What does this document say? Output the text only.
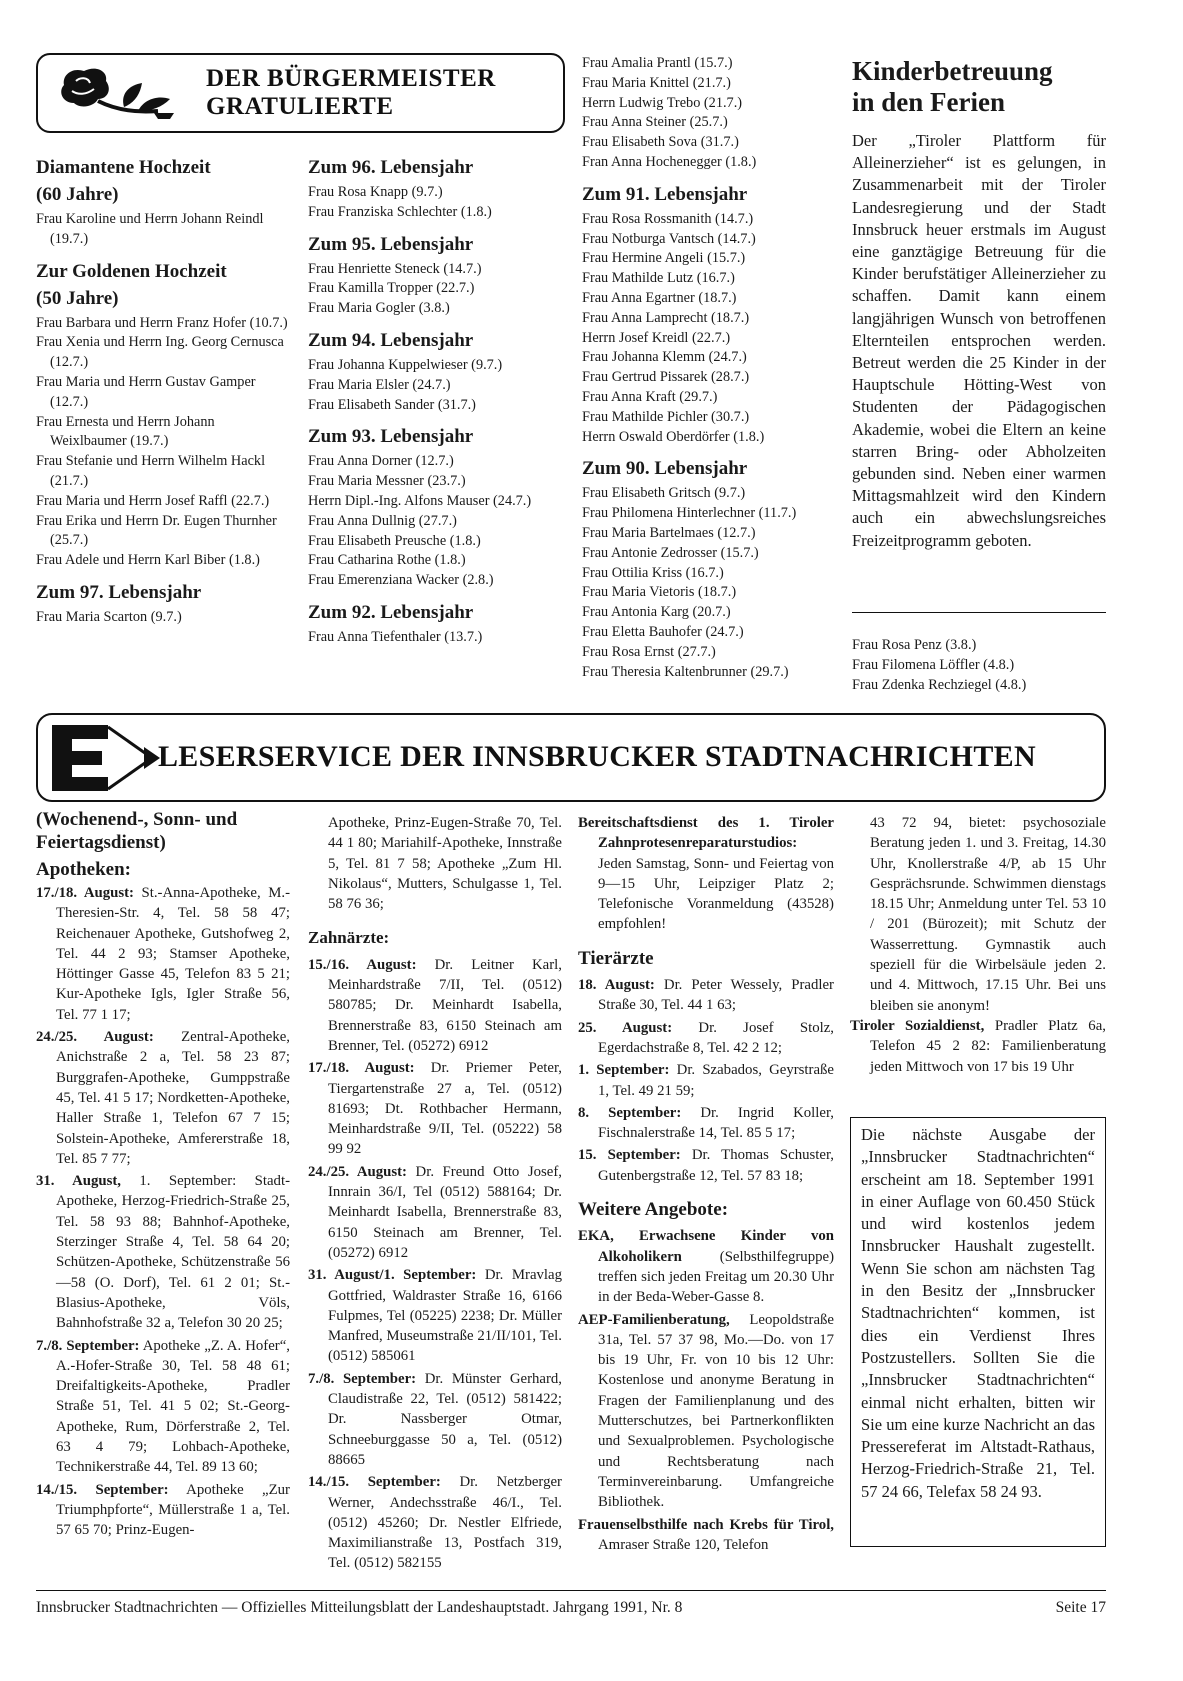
DER BÜRGERMEISTER
GRATULIERTE
Diamantene Hochzeit
(60 Jahre)
Frau Karoline und Herrn Johann Reindl (19.7.)
Zur Goldenen Hochzeit
(50 Jahre)
Frau Barbara und Herrn Franz Hofer (10.7.)
Frau Xenia und Herrn Ing. Georg Cernusca (12.7.)
Frau Maria und Herrn Gustav Gamper (12.7.)
Frau Ernesta und Herrn Johann Weixlbaumer (19.7.)
Frau Stefanie und Herrn Wilhelm Hackl (21.7.)
Frau Maria und Herrn Josef Raffl (22.7.)
Frau Erika und Herrn Dr. Eugen Thurnher (25.7.)
Frau Adele und Herrn Karl Biber (1.8.)
Zum 97. Lebensjahr
Frau Maria Scarton (9.7.)
Zum 96. Lebensjahr
Frau Rosa Knapp (9.7.)
Frau Franziska Schlechter (1.8.)
Zum 95. Lebensjahr
Frau Henriette Steneck (14.7.)
Frau Kamilla Tropper (22.7.)
Frau Maria Gogler (3.8.)
Zum 94. Lebensjahr
Frau Johanna Kuppelwieser (9.7.)
Frau Maria Elsler (24.7.)
Frau Elisabeth Sander (31.7.)
Zum 93. Lebensjahr
Frau Anna Dorner (12.7.)
Frau Maria Messner (23.7.)
Herrn Dipl.-Ing. Alfons Mauser (24.7.)
Frau Anna Dullnig (27.7.)
Frau Elisabeth Preusche (1.8.)
Frau Catharina Rothe (1.8.)
Frau Emerenziana Wacker (2.8.)
Zum 92. Lebensjahr
Frau Anna Tiefenthaler (13.7.)
Frau Amalia Prantl (15.7.)
Frau Maria Knittel (21.7.)
Herrn Ludwig Trebo (21.7.)
Frau Anna Steiner (25.7.)
Frau Elisabeth Sova (31.7.)
Fran Anna Hochenegger (1.8.)
Zum 91. Lebensjahr
Frau Rosa Rossmanith (14.7.)
Frau Notburga Vantsch (14.7.)
Frau Hermine Angeli (15.7.)
Frau Mathilde Lutz (16.7.)
Frau Anna Egartner (18.7.)
Frau Anna Lamprecht (18.7.)
Herrn Josef Kreidl (22.7.)
Frau Johanna Klemm (24.7.)
Frau Gertrud Pissarek (28.7.)
Frau Anna Kraft (29.7.)
Frau Mathilde Pichler (30.7.)
Herrn Oswald Oberdörfer (1.8.)
Zum 90. Lebensjahr
Frau Elisabeth Gritsch (9.7.)
Frau Philomena Hinterlechner (11.7.)
Frau Maria Bartelmaes (12.7.)
Frau Antonie Zedrosser (15.7.)
Frau Ottilia Kriss (16.7.)
Frau Maria Vietoris (18.7.)
Frau Antonia Karg (20.7.)
Frau Eletta Bauhofer (24.7.)
Frau Rosa Ernst (27.7.)
Frau Theresia Kaltenbrunner (29.7.)
Kinderbetreuung
in den Ferien

Der „Tiroler Plattform für Alleinerzieher“ ist es gelungen, in Zusammenarbeit mit der Tiroler Landesregierung und der Stadt Innsbruck heuer erstmals im August eine ganztägige Betreuung für die Kinder berufstätiger Alleinerzieher zu schaffen. Damit kann einem langjährigen Wunsch von betroffenen Elternteilen entsprochen werden. Betreut werden die 25 Kinder in der Hauptschule Hötting-West von Studenten der Pädagogischen Akademie, wobei die Eltern an keine starren Bring- oder Abholzeiten gebunden sind. Neben einer warmen Mittagsmahlzeit wird den Kindern auch ein abwechslungsreiches Freizeitprogramm geboten.

Frau Rosa Penz (3.8.)
Frau Filomena Löffler (4.8.)
Frau Zdenka Rechziegel (4.8.)
LESERSERVICE DER INNSBRUCKER STADTNACHRICHTEN
(Wochenend-, Sonn- und Feiertagsdienst)
Apotheken:

17./18. August: St.-Anna-Apotheke, M.-Theresien-Str. 4, Tel. 58 58 47; Reichenauer Apotheke, Gutshofweg 2, Tel. 44 2 93; Stamser Apotheke, Höttinger Gasse 45, Telefon 83 5 21; Kur-Apotheke Igls, Igler Straße 56, Tel. 77 1 17;

24./25. August: Zentral-Apotheke, Anichstraße 2 a, Tel. 58 23 87; Burggrafen-Apotheke, Gumppstraße 45, Tel. 41 5 17; Nordketten-Apotheke, Haller Straße 1, Telefon 67 7 15; Solstein-Apotheke, Amfererstraße 18, Tel. 85 7 77;

31. August, 1. September: Stadt-Apotheke, Herzog-Friedrich-Straße 25, Tel. 58 93 88; Bahnhof-Apotheke, Sterzinger Straße 4, Tel. 58 64 20; Schützen-Apotheke, Schützenstraße 56—58 (O. Dorf), Tel. 61 2 01; St.-Blasius-Apotheke, Völs, Bahnhofstraße 32 a, Telefon 30 20 25;

7./8. September: Apotheke „Z. A. Hofer“, A.-Hofer-Straße 30, Tel. 58 48 61; Dreifaltigkeits-Apotheke, Pradler Straße 51, Tel. 41 5 02; St.-Georg-Apotheke, Rum, Dörferstraße 2, Tel. 63 4 79; Lohbach-Apotheke, Technikerstraße 44, Tel. 89 13 60;

14./15. September: Apotheke „Zur Triumphpforte“, Müllerstraße 1 a, Tel. 57 65 70; Prinz-Eugen-

Apotheke, Prinz-Eugen-Straße 70, Tel. 44 1 80; Mariahilf-Apotheke, Innstraße 5, Tel. 81 7 58; Apotheke „Zum Hl. Nikolaus“, Mutters, Schulgasse 1, Tel. 58 76 36;

Zahnärzte:

15./16. August: Dr. Leitner Karl, Meinhardstraße 7/II, Tel. (0512) 580785; Dr. Meinhardt Isabella, Brennerstraße 83, 6150 Steinach am Brenner, Tel. (05272) 6912

17./18. August: Dr. Priemer Peter, Tiergartenstraße 27 a, Tel. (0512) 81693; Dt. Rothbacher Hermann, Meinhardstraße 9/II, Tel. (05222) 58 99 92

24./25. August: Dr. Freund Otto Josef, Innrain 36/I, Tel (0512) 588164; Dr. Meinhardt Isabella, Brennerstraße 83, 6150 Steinach am Brenner, Tel. (05272) 6912

31. August/1. September: Dr. Mravlag Gottfried, Waldraster Straße 16, 6166 Fulpmes, Tel (05225) 2238; Dr. Müller Manfred, Museumstraße 21/II/101, Tel. (0512) 585061

7./8. September: Dr. Münster Gerhard, Claudistraße 22, Tel. (0512) 581422; Dr. Nassberger Otmar, Schneeburggasse 50 a, Tel. (0512) 88665

14./15. September: Dr. Netzberger Werner, Andechsstraße 46/I., Tel. (0512) 45260; Dr. Nestler Elfriede, Maximilianstraße 13, Postfach 319, Tel. (0512) 582155

Bereitschaftsdienst des 1. Tiroler Zahnprotesenreparaturstudios:

Jeden Samstag, Sonn- und Feiertag von 9—15 Uhr, Leipziger Platz 2; Telefonische Voranmeldung (43528) empfohlen!

Tierärzte

18. August: Dr. Peter Wessely, Pradler Straße 30, Tel. 44 1 63;

25. August: Dr. Josef Stolz, Egerdachstraße 8, Tel. 42 2 12;

1. September: Dr. Szabados, Geyrstraße 1, Tel. 49 21 59;

8. September: Dr. Ingrid Koller, Fischnalerstraße 14, Tel. 85 5 17;

15. September: Dr. Thomas Schuster, Gutenbergstraße 12, Tel. 57 83 18;

Weitere Angebote:

EKA, Erwachsene Kinder von Alkoholikern (Selbsthilfegruppe) treffen sich jeden Freitag um 20.30 Uhr in der Beda-Weber-Gasse 8.

AEP-Familienberatung, Leopoldstraße 31a, Tel. 57 37 98, Mo.—Do. von 17 bis 19 Uhr, Fr. von 10 bis 12 Uhr: Kostenlose und anonyme Beratung in Fragen der Familienplanung und des Mutterschutzes, bei Partnerkonflikten und Sexualproblemen. Psychologische und Rechtsberatung nach Terminvereinbarung. Umfangreiche Bibliothek.

Frauenselbsthilfe nach Krebs für Tirol, Amraser Straße 120, Telefon

43 72 94, bietet: psychosoziale Beratung jeden 1. und 3. Freitag, 14.30 Uhr, Knollerstraße 4/P, ab 15 Uhr Gesprächsrunde. Schwimmen dienstags 18.15 Uhr; Anmeldung unter Tel. 53 10 / 201 (Bürozeit); mit Schutz der Wasserrettung. Gymnastik auch speziell für die Wirbelsäule jeden 2. und 4. Mittwoch, 17.15 Uhr. Bei uns bleiben sie anonym!

Tiroler Sozialdienst, Pradler Platz 6a, Telefon 45 2 82: Familienberatung jeden Mittwoch von 17 bis 19 Uhr

Die nächste Ausgabe der „Innsbrucker Stadtnachrichten“ erscheint am 18. September 1991 in einer Auflage von 60.450 Stück und wird kostenlos jedem Innsbrucker Haushalt zugestellt. Wenn Sie schon am nächsten Tag in den Besitz der „Innsbrucker Stadtnachrichten“ kommen, ist dies ein Verdienst Ihres Postzustellers. Sollten Sie die „Innsbrucker Stadtnachrichten“ einmal nicht erhalten, bitten wir Sie um eine kurze Nachricht an das Pressereferat im Altstadt-Rathaus, Herzog-Friedrich-Straße 21, Tel. 57 24 66, Telefax 58 24 93.
Innsbrucker Stadtnachrichten — Offizielles Mitteilungsblatt der Landeshauptstadt. Jahrgang 1991, Nr. 8	Seite 17
